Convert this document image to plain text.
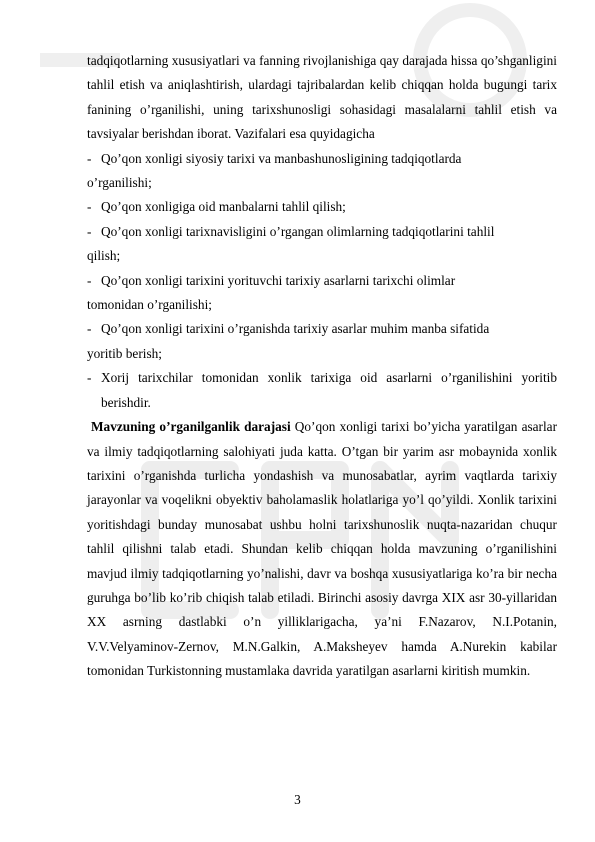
tadqiqotlarning xususiyatlari va fanning rivojlanishiga qay darajada hissa qo’shganligini tahlil etish va aniqlashtirish, ulardagi tajribalardan kelib chiqqan holda bugungi tarix fanining o’rganilishi, uning tarixshunosligi sohasidagi masalalarni tahlil etish va tavsiyalar berishdan iborat. Vazifalari esa quyidagicha

- Qo’qon xonligi siyosiy tarixi va manbashunosligining tadqiqotlarda
o’rganilishi;
- Qo’qon xonligiga oid manbalarni tahlil qilish;
- Qo’qon xonligi tarixnavisligini o’rgangan olimlarning tadqiqotlarini tahlil
qilish;
- Qo’qon xonligi tarixini yorituvchi tarixiy asarlarni tarixchi olimlar
tomonidan o’rganilishi;
- Qo’qon xonligi tarixini o’rganishda tarixiy asarlar muhim manba sifatida
yoritib berish;
- Xorij tarixchilar tomonidan xonlik tarixiga oid asarlarni o’rganilishini yoritib berishdir.

Mavzuning o’rganilganlik darajasi Qo’qon xonligi tarixi bo’yicha yaratilgan asarlar va ilmiy tadqiqotlarning salohiyati juda katta. O’tgan bir yarim asr mobaynida xonlik tarixini o’rganishda turlicha yondashish va munosabatlar, ayrim vaqtlarda tarixiy jarayonlar va voqelikni obyektiv baholamaslik holatlariga yo’l qo’yildi. Xonlik tarixini yoritishdagi bunday munosabat ushbu holni tarixshunoslik nuqta-nazaridan chuqur tahlil qilishni talab etadi. Shundan kelib chiqqan holda mavzuning o’rganilishini mavjud ilmiy tadqiqotlarning yo’nalishi, davr va boshqa xususiyatlariga ko’ra bir necha guruhga bo’lib ko’rib chiqish talab etiladi. Birinchi asosiy davrga XIX asr 30-yillaridan XX asrning dastlabki o’n yilliklarigacha, ya’ni F.Nazarov, N.I.Potanin, V.V.Velyaminov-Zernov, M.N.Galkin, A.Maksheyev hamda A.Nurekin kabilar tomonidan Turkistonning mustamlaka davrida yaratilgan asarlarni kiritish mumkin.

3
